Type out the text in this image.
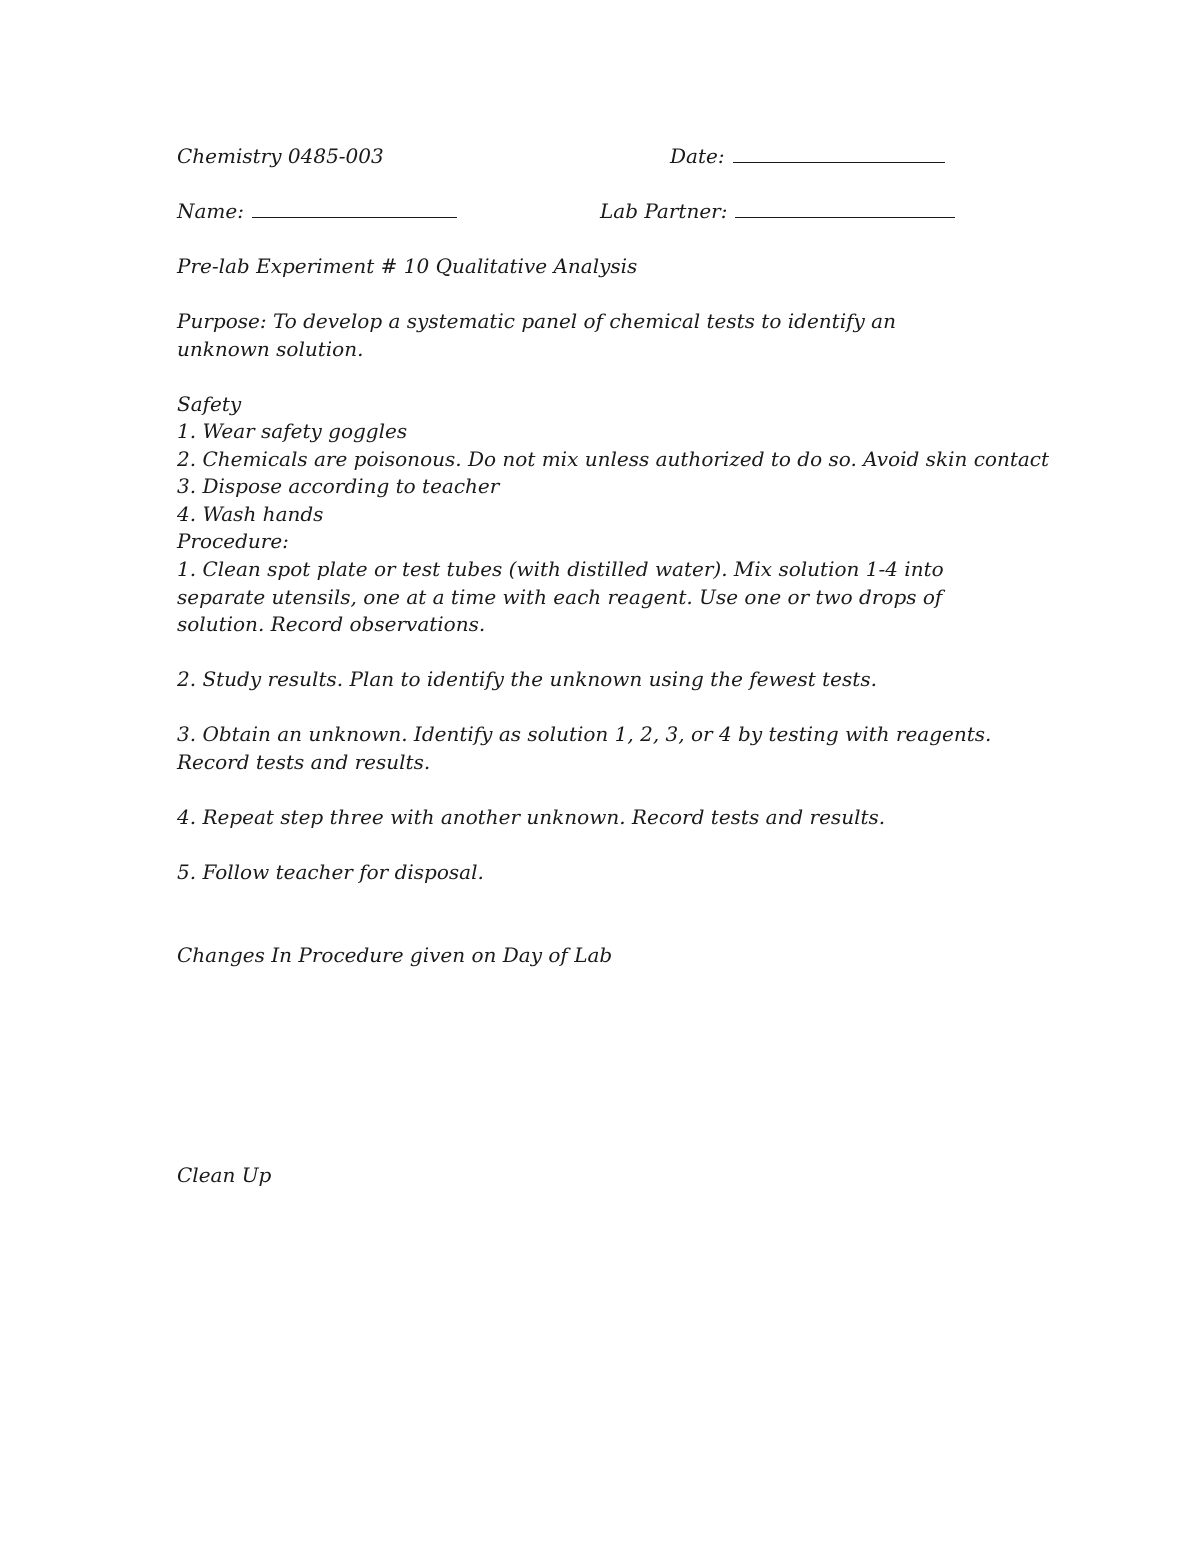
Chemistry 0485-003	Date:
Name:	Lab Partner:
Pre-lab Experiment # 10 Qualitative Analysis
Purpose: To develop a systematic panel of chemical tests to identify an unknown solution.
Safety
1. Wear safety goggles
2. Chemicals are poisonous. Do not mix unless authorized to do so. Avoid skin contact
3. Dispose according to teacher
4. Wash hands
Procedure:

1. Clean spot plate or test tubes (with distilled water). Mix solution 1-4 into separate utensils, one at a time with each reagent. Use one or two drops of solution. Record observations.

2. Study results. Plan to identify the unknown using the fewest tests.

3. Obtain an unknown. Identify as solution 1, 2, 3, or 4 by testing with reagents. Record tests and results.

4. Repeat step three with another unknown. Record tests and results.

5. Follow teacher for disposal.

Changes In Procedure given on Day of Lab
Clean Up
